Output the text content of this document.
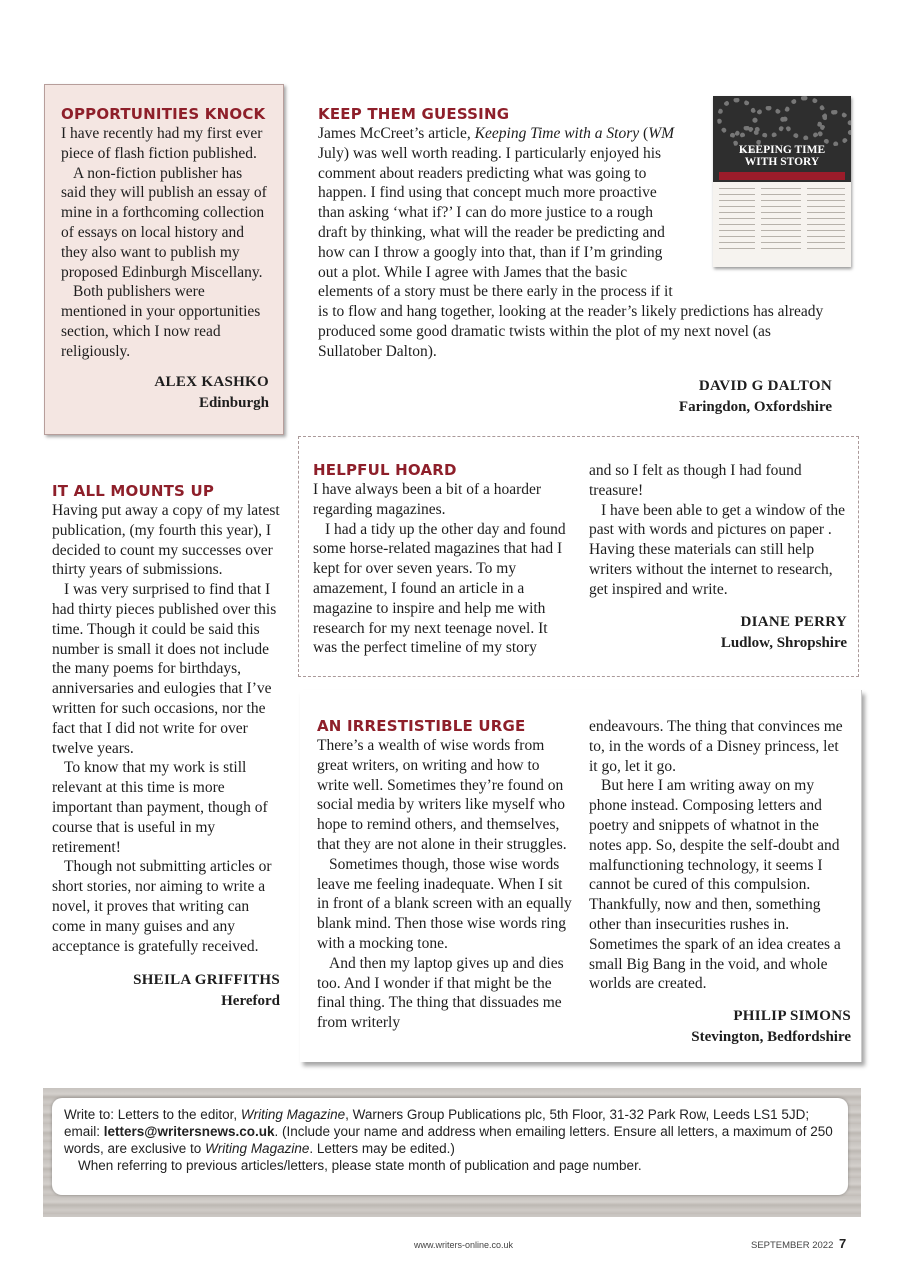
OPPORTUNITIES KNOCK

I have recently had my first ever piece of flash fiction published.

A non-fiction publisher has said they will publish an essay of mine in a forthcoming collection of essays on local history and they also want to publish my proposed Edinburgh Miscellany.

Both publishers were mentioned in your opportunities section, which I now read religiously.

ALEX KASHKO
Edinburgh
KEEP THEM GUESSING

James McCreet’s article, Keeping Time with a Story (WM July) was well worth reading. I particularly enjoyed his comment about readers predicting what was going to happen. I find using that concept much more proactive than asking ‘what if?’ I can do more justice to a rough draft by thinking, what will the reader be predicting and how can I throw a googly into that, than if I’m grinding out a plot. While I agree with James that the basic elements of a story must be there early in the process if it is to flow and hang together, looking at the reader’s likely predictions has already produced some good dramatic twists within the plot of my next novel (as Sullatober Dalton).

DAVID G DALTON
Faringdon, Oxfordshire
KEEPING TIME
WITH STORY
IT ALL MOUNTS UP

Having put away a copy of my latest publication, (my fourth this year), I decided to count my successes over thirty years of submissions.

I was very surprised to find that I had thirty pieces published over this time. Though it could be said this number is small it does not include the many poems for birthdays, anniversaries and eulogies that I’ve written for such occasions, nor the fact that I did not write for over twelve years.

To know that my work is still relevant at this time is more important than payment, though of course that is useful in my retirement!

Though not submitting articles or short stories, nor aiming to write a novel, it proves that writing can come in many guises and any acceptance is gratefully received.

SHEILA GRIFFITHS
Hereford
HELPFUL HOARD

I have always been a bit of a hoarder regarding magazines.

I had a tidy up the other day and found some horse-related magazines that had I kept for over seven years. To my amazement, I found an article in a magazine to inspire and help me with research for my next teenage novel. It was the perfect timeline of my story

and so I felt as though I had found treasure!

I have been able to get a window of the past with words and pictures on paper . Having these materials can still help writers without the internet to research, get inspired and write.

DIANE PERRY
Ludlow, Shropshire
AN IRRESTISTIBLE URGE

There’s a wealth of wise words from great writers, on writing and how to write well. Sometimes they’re found on social media by writers like myself who hope to remind others, and themselves, that they are not alone in their struggles.

Sometimes though, those wise words leave me feeling inadequate. When I sit in front of a blank screen with an equally blank mind. Then those wise words ring with a mocking tone.

And then my laptop gives up and dies too. And I wonder if that might be the final thing. The thing that dissuades me from writerly

endeavours. The thing that convinces me to, in the words of a Disney princess, let it go, let it go.

But here I am writing away on my phone instead. Composing letters and poetry and snippets of whatnot in the notes app. So, despite the self-doubt and malfunctioning technology, it seems I cannot be cured of this compulsion. Thankfully, now and then, something other than insecurities rushes in. Sometimes the spark of an idea creates a small Big Bang in the void, and whole worlds are created.

PHILIP SIMONS
Stevington, Bedfordshire

Write to: Letters to the editor, Writing Magazine, Warners Group Publications plc, 5th Floor, 31-32 Park Row, Leeds LS1 5JD; email: letters@writersnews.co.uk. (Include your name and address when emailing letters. Ensure all letters, a maximum of 250 words, are exclusive to Writing Magazine. Letters may be edited.)

When referring to previous articles/letters, please state month of publication and page number.

www.writers-online.co.uk	SEPTEMBER 2022 7
